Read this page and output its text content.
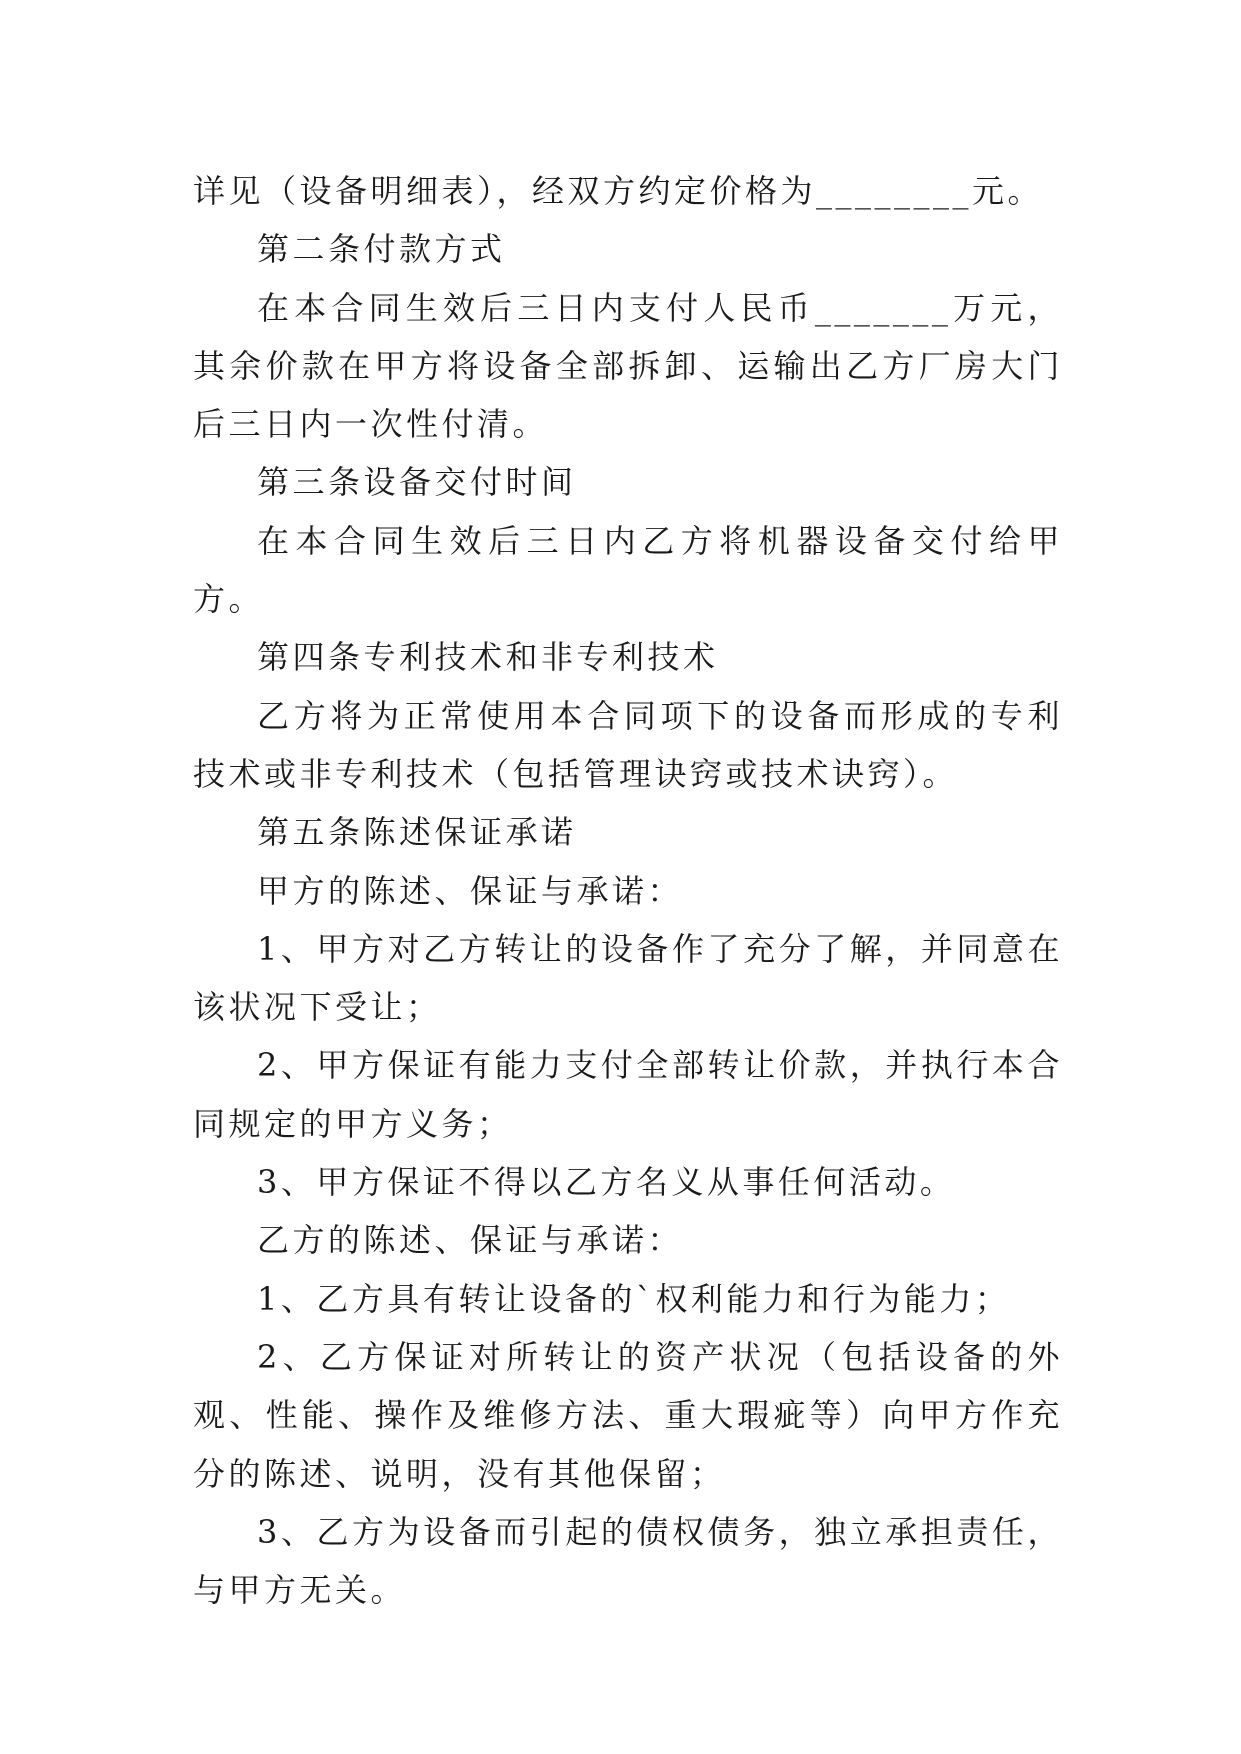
详见（设备明细表），经双方约定价格为________元。

第二条付款方式

在本合同生效后三日内支付人民币_______万元，其余价款在甲方将设备全部拆卸、运输出乙方厂房大门后三日内一次性付清。

第三条设备交付时间

在本合同生效后三日内乙方将机器设备交付给甲方。

第四条专利技术和非专利技术

乙方将为正常使用本合同项下的设备而形成的专利技术或非专利技术（包括管理诀窍或技术诀窍）。

第五条陈述保证承诺

甲方的陈述、保证与承诺：

1、甲方对乙方转让的设备作了充分了解，并同意在该状况下受让；

2、甲方保证有能力支付全部转让价款，并执行本合同规定的甲方义务；

3、甲方保证不得以乙方名义从事任何活动。

乙方的陈述、保证与承诺：

1、乙方具有转让设备的`权利能力和行为能力；

2、乙方保证对所转让的资产状况（包括设备的外观、性能、操作及维修方法、重大瑕疵等）向甲方作充分的陈述、说明，没有其他保留；

3、乙方为设备而引起的债权债务，独立承担责任，与甲方无关。
